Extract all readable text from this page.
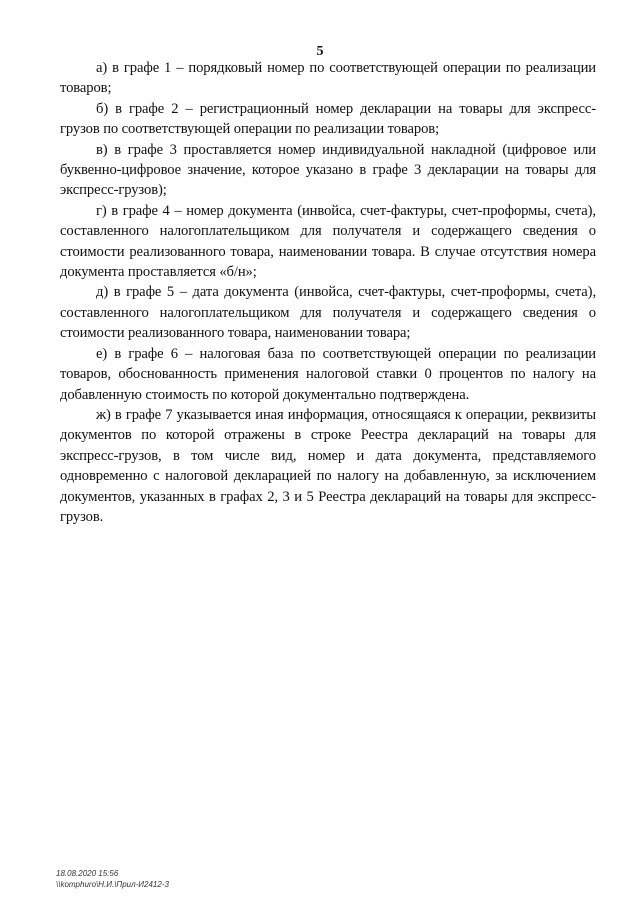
5

а) в графе 1 – порядковый номер по соответствующей операции по реализации товаров;

б) в графе 2 – регистрационный номер декларации на товары для экспресс-грузов по соответствующей операции по реализации товаров;

в) в графе 3 проставляется номер индивидуальной накладной (цифровое или буквенно-цифровое значение, которое указано в графе 3 декларации на товары для экспресс-грузов);

г) в графе 4 – номер документа (инвойса, счет-фактуры, счет-проформы, счета), составленного налогоплательщиком для получателя и содержащего сведения о стоимости реализованного товара, наименовании товара. В случае отсутствия номера документа проставляется «б/н»;

д) в графе 5 – дата документа (инвойса, счет-фактуры, счет-проформы, счета), составленного налогоплательщиком для получателя и содержащего сведения о стоимости реализованного товара, наименовании товара;

е) в графе 6 – налоговая база по соответствующей операции по реализации товаров, обоснованность применения налоговой ставки 0 процентов по налогу на добавленную стоимость по которой документально подтверждена.

ж) в графе 7 указывается иная информация, относящаяся к операции, реквизиты документов по которой отражены в строке Реестра деклараций на товары для экспресс-грузов, в том числе вид, номер и дата документа, представляемого одновременно с налоговой декларацией по налогу на добавленную, за исключением документов, указанных в графах 2, 3 и 5 Реестра деклараций на товары для экспресс-грузов.

18.08.2020 15:56
\\komphuro\Н.И.\Прил-И2412-3
